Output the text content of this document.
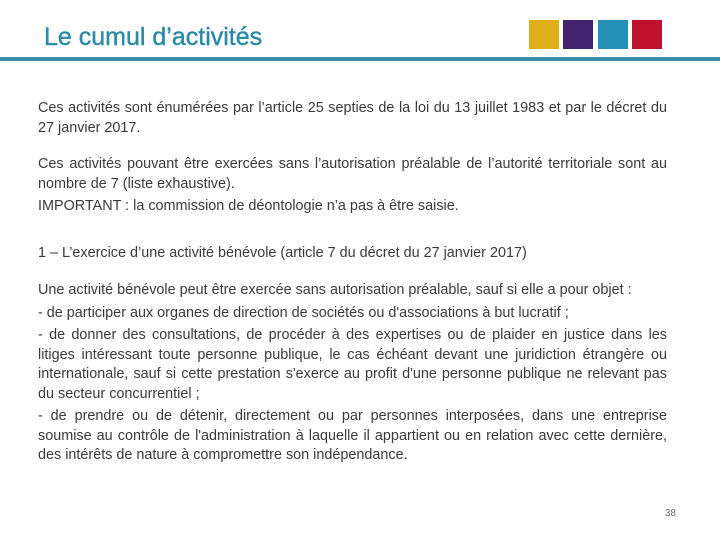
Le cumul d’activités

Ces activités sont énumérées par l’article 25 septies de la loi du 13 juillet 1983 et par le décret du 27 janvier 2017.

Ces activités pouvant être exercées sans l’autorisation préalable de l’autorité territoriale sont au nombre de 7 (liste exhaustive).
IMPORTANT : la commission de déontologie n’a pas à être saisie.

1 – L’exercice d’une activité bénévole (article 7 du décret du 27 janvier 2017)

Une activité bénévole peut être exercée sans autorisation préalable, sauf si elle a pour objet :
- de participer aux organes de direction de sociétés ou d'associations à but lucratif ;
- de donner des consultations, de procéder à des expertises ou de plaider en justice dans les litiges intéressant toute personne publique, le cas échéant devant une juridiction étrangère ou internationale, sauf si cette prestation s'exerce au profit d'une personne publique ne relevant pas du secteur concurrentiel ;
- de prendre ou de détenir, directement ou par personnes interposées, dans une entreprise soumise au contrôle de l'administration à laquelle il appartient ou en relation avec cette dernière, des intérêts de nature à compromettre son indépendance.
38
